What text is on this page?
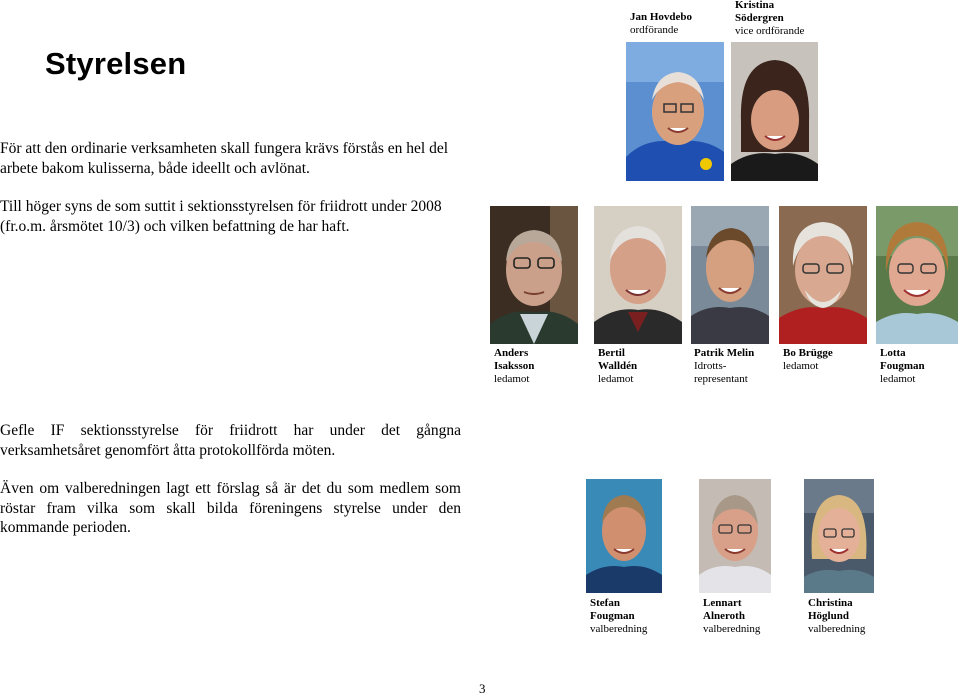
Styrelsen

För att den ordinarie verksamheten skall fungera krävs förstås en hel del arbete bakom kulisserna, både ideellt och avlönat.

Till höger syns de som suttit i sektionsstyrelsen för friidrott under 2008 (fr.o.m. årsmötet 10/3) och vilken befattning de har haft.

Jan Hovdebo
ordförande
Kristina
Södergren
vice ordförande
Anders
Isaksson
ledamot
Bertil
Walldén
ledamot
Patrik Melin
Idrotts-
representant
Bo Brügge
ledamot
Lotta
Fougman
ledamot

Gefle IF sektionsstyrelse för friidrott har under det gångna verksamhetsåret genomfört åtta protokollförda möten.

Även om valberedningen lagt ett förslag så är det du som medlem som röstar fram vilka som skall bilda föreningens styrelse under den kommande perioden.

Stefan
Fougman
valberedning
Lennart
Alneroth
valberedning
Christina
Höglund
valberedning
3
